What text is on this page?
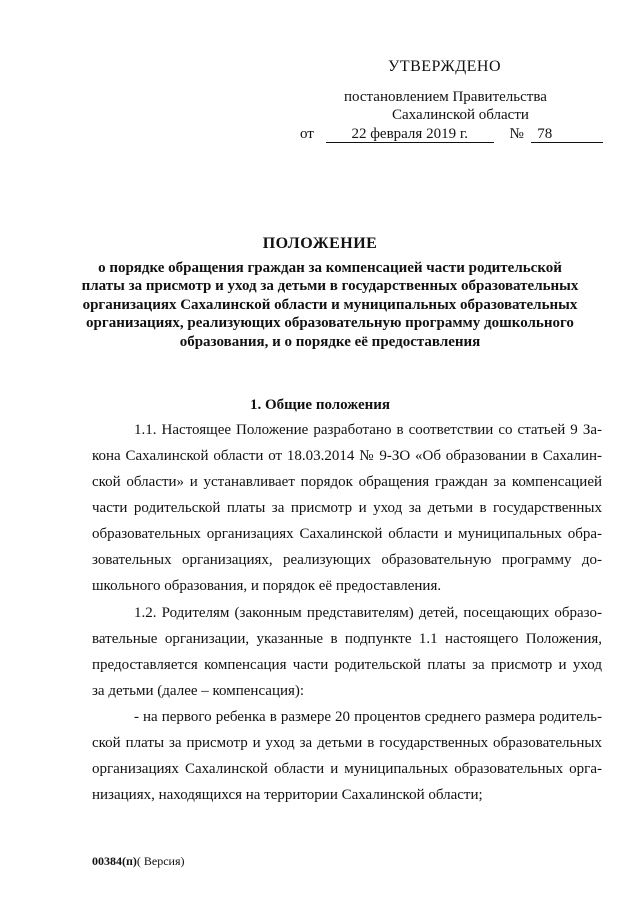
УТВЕРЖДЕНО
постановлением Правительства
Сахалинской области
от	22 февраля 2019 г.	№ 78
ПОЛОЖЕНИЕ
о порядке обращения граждан за компенсацией части родительской
платы за присмотр и уход за детьми в государственных образовательных
организациях Сахалинской области и муниципальных образовательных
организациях, реализующих образовательную программу дошкольного
образования, и о порядке её предоставления
1. Общие положения
1.1. Настоящее Положение разработано в соответствии со статьей 9 За-
кона Сахалинской области от 18.03.2014 № 9-ЗО «Об образовании в Сахалин-
ской области» и устанавливает порядок обращения граждан за компенсацией
части родительской платы за присмотр и уход за детьми в государственных
образовательных организациях Сахалинской области и муниципальных обра-
зовательных организациях, реализующих образовательную программу до-
школьного образования, и порядок её предоставления.
1.2. Родителям (законным представителям) детей, посещающих образо-
вательные организации, указанные в подпункте 1.1 настоящего Положения,
предоставляется компенсация части родительской платы за присмотр и уход
за детьми (далее – компенсация):
- на первого ребенка в размере 20 процентов среднего размера родитель-
ской платы за присмотр и уход за детьми в государственных образовательных
организациях Сахалинской области и муниципальных образовательных орга-
низациях, находящихся на территории Сахалинской области;
00384(п)( Версия)
